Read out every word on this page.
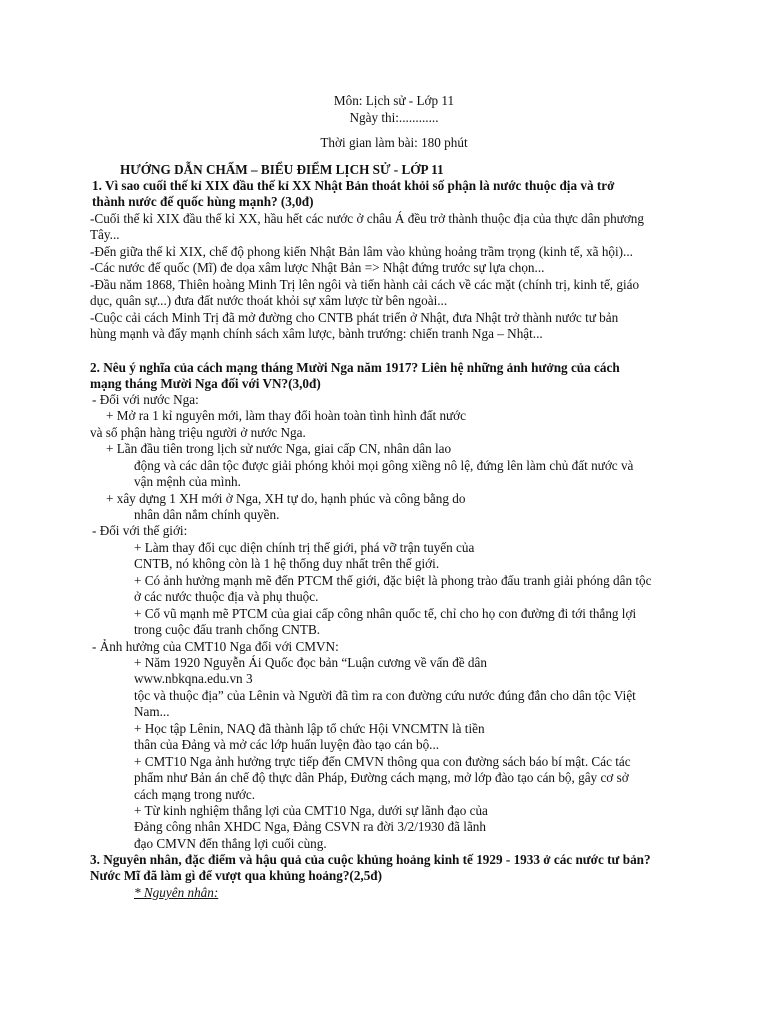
Môn: Lịch sử - Lớp 11
Ngày thi:............
Thời gian làm bài: 180 phút
HƯỚNG DẪN CHẤM – BIỂU ĐIỂM LỊCH SỬ - LỚP 11
1. Vì sao cuối thế kỉ XIX đầu thế kỉ XX Nhật Bản thoát khỏi số phận là nước thuộc địa và trở
thành nước đế quốc hùng mạnh? (3,0đ)
-Cuối thế kỉ XIX đầu thế kỉ XX, hầu hết các nước ở châu Á đều trở thành thuộc địa của thực dân phương
Tây...
-Đến giữa thế kỉ XIX, chế độ phong kiến Nhật Bản lâm vào khủng hoảng trầm trọng (kinh tế, xã hội)...
-Các nước đế quốc (Mĩ) đe dọa xâm lược Nhật Bản => Nhật đứng trước sự lựa chọn...
-Đầu năm 1868, Thiên hoàng Minh Trị lên ngôi và tiến hành cải cách về các mặt (chính trị, kinh tế, giáo
dục, quân sự...) đưa đất nước thoát khỏi sự xâm lược từ bên ngoài...
-Cuộc cải cách Minh Trị đã mở đường cho CNTB phát triển ở Nhật, đưa Nhật trở thành nước tư bản
hùng mạnh và đẩy mạnh chính sách xâm lược, bành trướng: chiến tranh Nga – Nhật...
2. Nêu ý nghĩa của cách mạng tháng Mười Nga năm 1917? Liên hệ những ảnh hưởng của cách
mạng tháng Mười Nga đối với VN?(3,0đ)
- Đối với nước Nga:
+ Mở ra 1 kỉ nguyên mới, làm thay đổi hoàn toàn tình hình đất nước
và số phận hàng triệu người ở nước Nga.
+ Lần đầu tiên trong lịch sử nước Nga, giai cấp CN, nhân dân lao
động và các dân tộc được giải phóng khỏi mọi gông xiềng nô lệ, đứng lên làm chủ đất nước và
vận mệnh của mình.
+ xây dựng 1 XH mới ở Nga, XH tự do, hạnh phúc và công bằng do
nhân dân nắm chính quyền.
- Đối với thế giới:
+ Làm thay đổi cục diện chính trị thế giới, phá vỡ trận tuyến của
CNTB, nó không còn là 1 hệ thống duy nhất trên thế giới.
+ Có ảnh hưởng mạnh mẽ đến PTCM thế giới, đặc biệt là phong trào đấu tranh giải phóng dân tộc
ở các nước thuộc địa và phụ thuộc.
+ Cổ vũ mạnh mẽ PTCM của giai cấp công nhân quốc tế, chỉ cho họ con đường đi tới thắng lợi
trong cuộc đấu tranh chống CNTB.
- Ảnh hưởng của CMT10 Nga đối với CMVN:
+ Năm 1920 Nguyễn Ái Quốc đọc bản “Luận cương về vấn đề dân
www.nbkqna.edu.vn 3
tộc và thuộc địa” của Lênin và Người đã tìm ra con đường cứu nước đúng đắn cho dân tộc Việt
Nam...
+ Học tập Lênin, NAQ đã thành lập tổ chức Hội VNCMTN là tiền
thân của Đảng và mở các lớp huấn luyện đào tạo cán bộ...
+ CMT10 Nga ảnh hưởng trực tiếp đến CMVN thông qua con đường sách báo bí mật. Các tác
phẩm như Bản án chế độ thực dân Pháp, Đường cách mạng, mở lớp đào tạo cán bộ, gây cơ sở
cách mạng trong nước.
+ Từ kinh nghiệm thắng lợi của CMT10 Nga, dưới sự lãnh đạo của
Đảng công nhân XHDC Nga, Đảng CSVN ra đời 3/2/1930 đã lãnh
đạo CMVN đến thắng lợi cuối cùng.
3. Nguyên nhân, đặc điểm và hậu quả của cuộc khủng hoảng kinh tế 1929 - 1933 ở các nước tư bản?
Nước Mĩ đã làm gì để vượt qua khủng hoảng?(2,5đ)
* Nguyên nhân:
